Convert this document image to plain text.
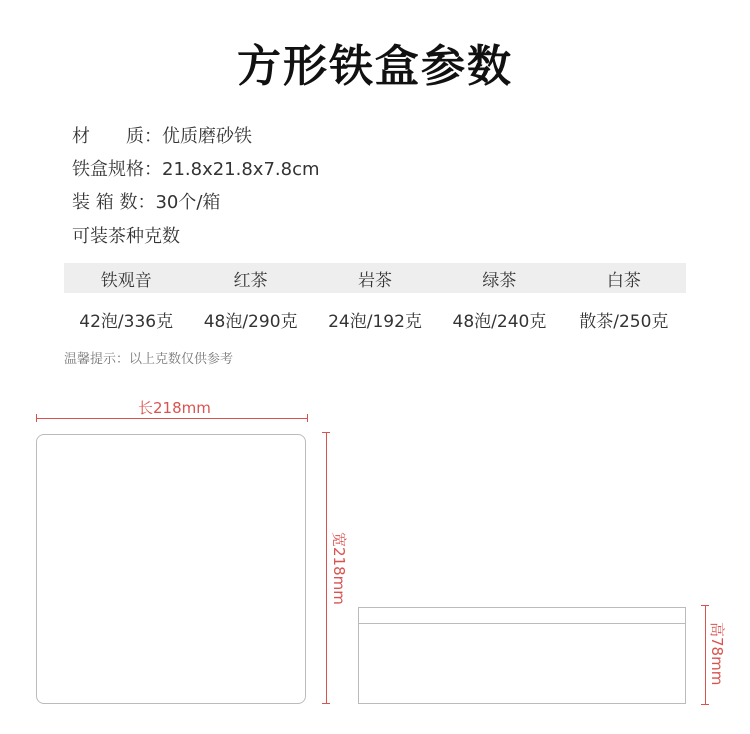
方形铁盒参数
材　　质：优质磨砂铁
铁盒规格：21.8x21.8x7.8cm
装 箱 数：30个/箱
可装茶种克数
铁观音	红茶	岩茶	绿茶	白茶
42泡/336克	48泡/290克	24泡/192克	48泡/240克	散茶/250克
温馨提示：以上克数仅供参考
长218mm
宽218mm
高78mm
